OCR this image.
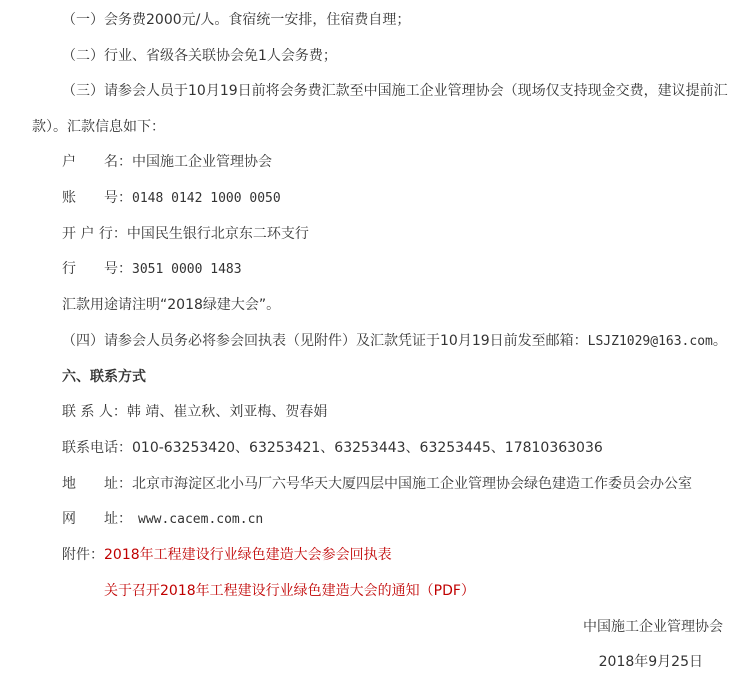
（一）会务费2000元/人。食宿统一安排，住宿费自理；
（二）行业、省级各关联协会免1人会务费；
（三）请参会人员于10月19日前将会务费汇款至中国施工企业管理协会（现场仅支持现金交费，建议提前汇
款）。汇款信息如下：
户　　名：中国施工企业管理协会
账　　号：0148 0142 1000 0050
开 户 行：中国民生银行北京东二环支行
行　　号：3051 0000 1483
汇款用途请注明“2018绿建大会”。
（四）请参会人员务必将参会回执表（见附件）及汇款凭证于10月19日前发至邮箱：LSJZ1029@163.com。
六、联系方式
联 系 人：韩 靖、崔立秋、刘亚梅、贺春娟
联系电话：010-63253420、63253421、63253443、63253445、17810363036
地　　址：北京市海淀区北小马厂六号华天大厦四层中国施工企业管理协会绿色建造工作委员会办公室
网　　址： www.cacem.com.cn
附件：2018年工程建设行业绿色建造大会参会回执表
关于召开2018年工程建设行业绿色建造大会的通知（PDF）
中国施工企业管理协会
2018年9月25日
